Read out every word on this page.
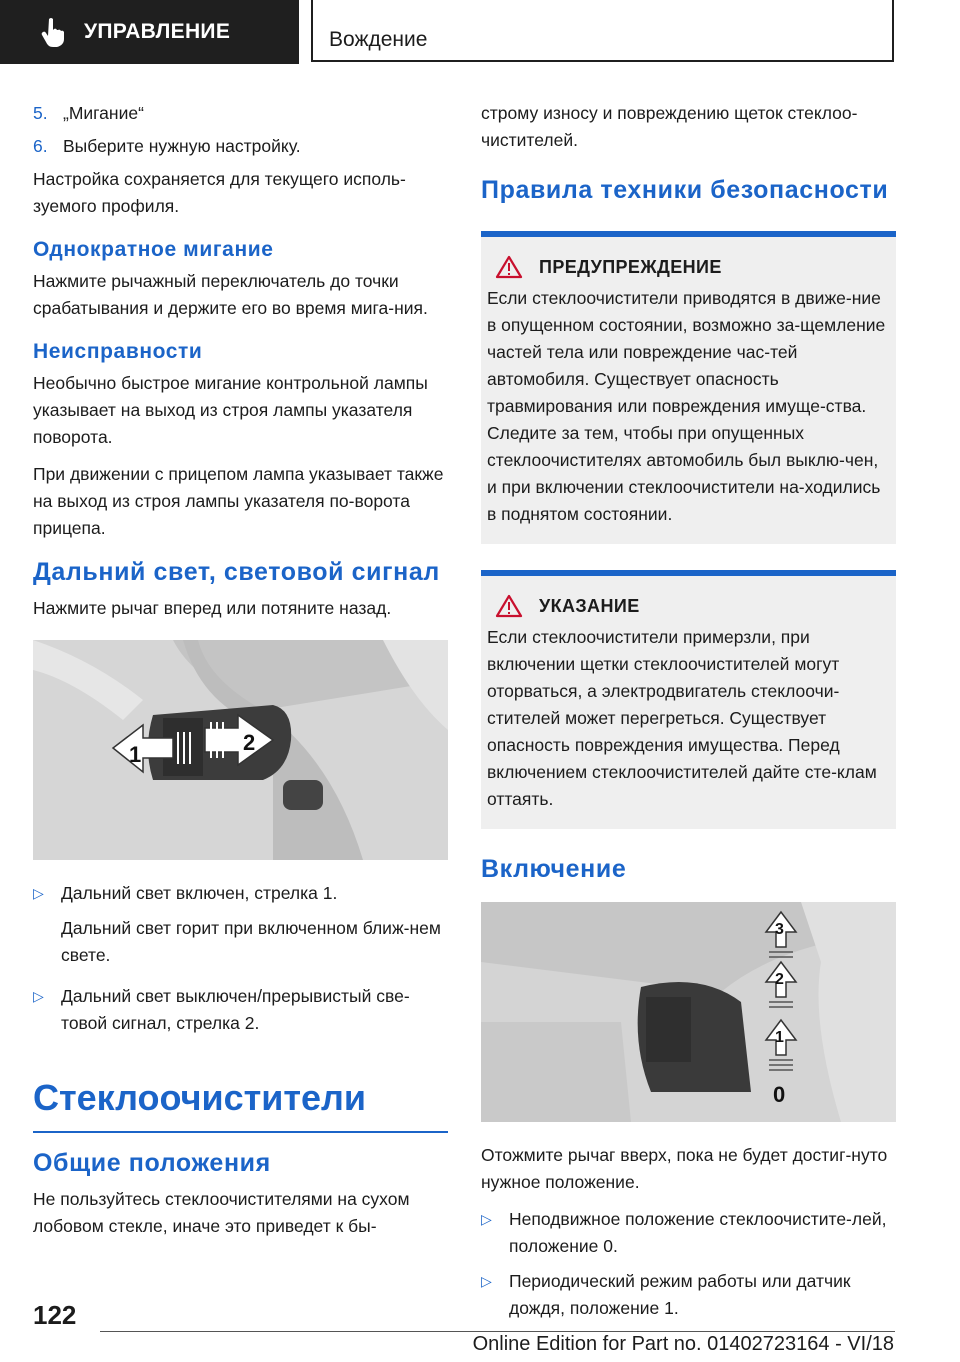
УПРАВЛЕНИЕ	Вождение
5. „Мигание“
6. Выберите нужную настройку.

Настройка сохраняется для текущего исполь-зуемого профиля.

Однократное мигание

Нажмите рычажный переключатель до точки срабатывания и держите его во время мига-ния.

Неисправности

Необычно быстрое мигание контрольной лампы указывает на выход из строя лампы указателя поворота.

При движении с прицепом лампа указывает также на выход из строя лампы указателя по-ворота прицепа.

Дальний свет, световой сигнал

Нажмите рычаг вперед или потяните назад.

1	2
▷ Дальний свет включен, стрелка 1.
Дальний свет горит при включенном ближ-нем свете.
▷ Дальний свет выключен/прерывистый све-товой сигнал, стрелка 2.
Стеклоочистители
Общие положения

Не пользуйтесь стеклоочистителями на сухом лобовом стекле, иначе это приведет к бы-

строму износу и повреждению щеток стеклоо-чистителей.

Правила техники безопасности
ПРЕДУПРЕЖДЕНИЕ

Если стеклоочистители приводятся в движе-ние в опущенном состоянии, возможно за-щемление частей тела или повреждение час-тей автомобиля. Существует опасность травмирования или повреждения имуще-ства. Следите за тем, чтобы при опущенных стеклоочистителях автомобиль был выклю-чен, и при включении стеклоочистители на-ходились в поднятом состоянии.

УКАЗАНИЕ

Если стеклоочистители примерзли, при включении щетки стеклоочистителей могут оторваться, а электродвигатель стеклоочи-стителей может перегреться. Существует опасность повреждения имущества. Перед включением стеклоочистителей дайте сте-клам оттаять.

Включение
3
2
1
0

Отожмите рычаг вверх, пока не будет достиг-нуто нужное положение.

▷ Неподвижное положение стеклоочистите-лей, положение 0.
▷ Периодический режим работы или датчик дождя, положение 1.
122
Online Edition for Part no. 01402723164 - VI/18
